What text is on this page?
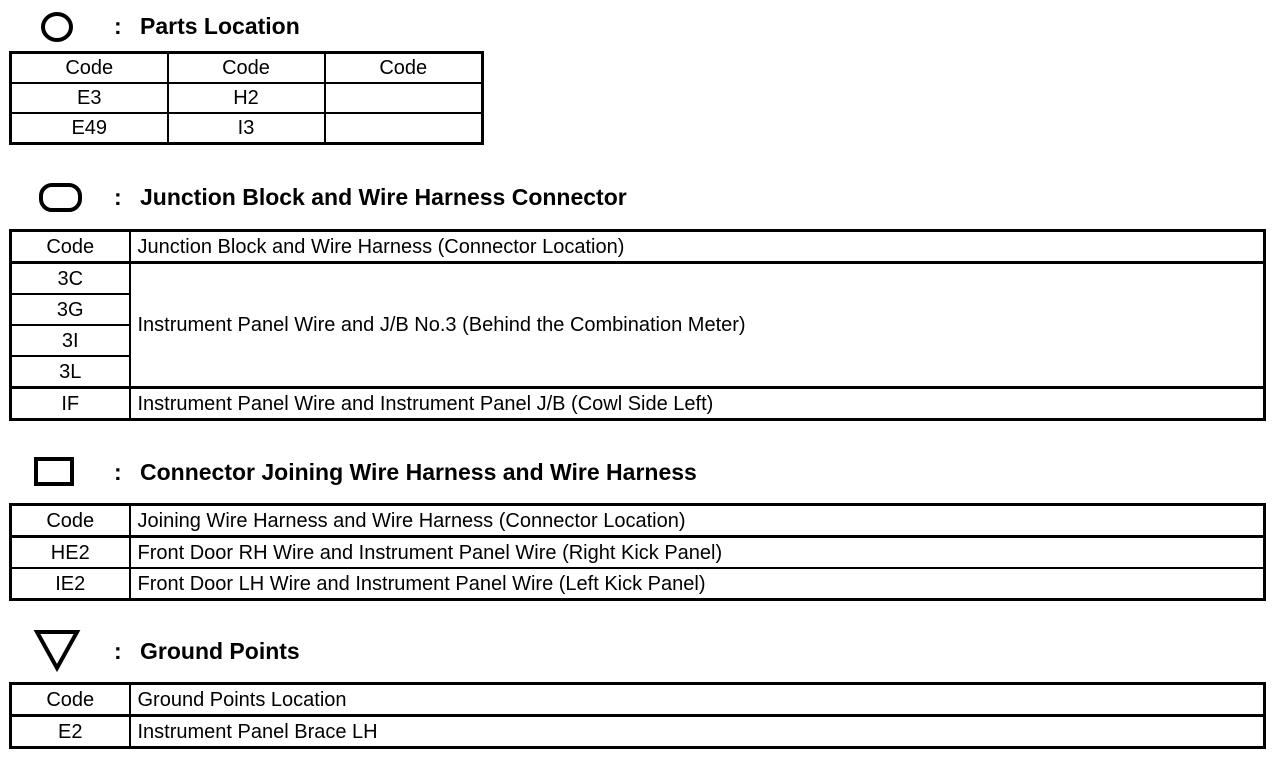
: Parts Location
Code	Code	Code
E3	H2	
E49	I3	
: Junction Block and Wire Harness Connector
Code	Junction Block and Wire Harness (Connector Location)
3C	Instrument Panel Wire and J/B No.3 (Behind the Combination Meter)
3G	
3I	
3L	
IF	Instrument Panel Wire and Instrument Panel J/B (Cowl Side Left)
: Connector Joining Wire Harness and Wire Harness
Code	Joining Wire Harness and Wire Harness (Connector Location)
HE2	Front Door RH Wire and Instrument Panel Wire (Right Kick Panel)
IE2	Front Door LH Wire and Instrument Panel Wire (Left Kick Panel)
: Ground Points
Code	Ground Points Location
E2	Instrument Panel Brace LH
